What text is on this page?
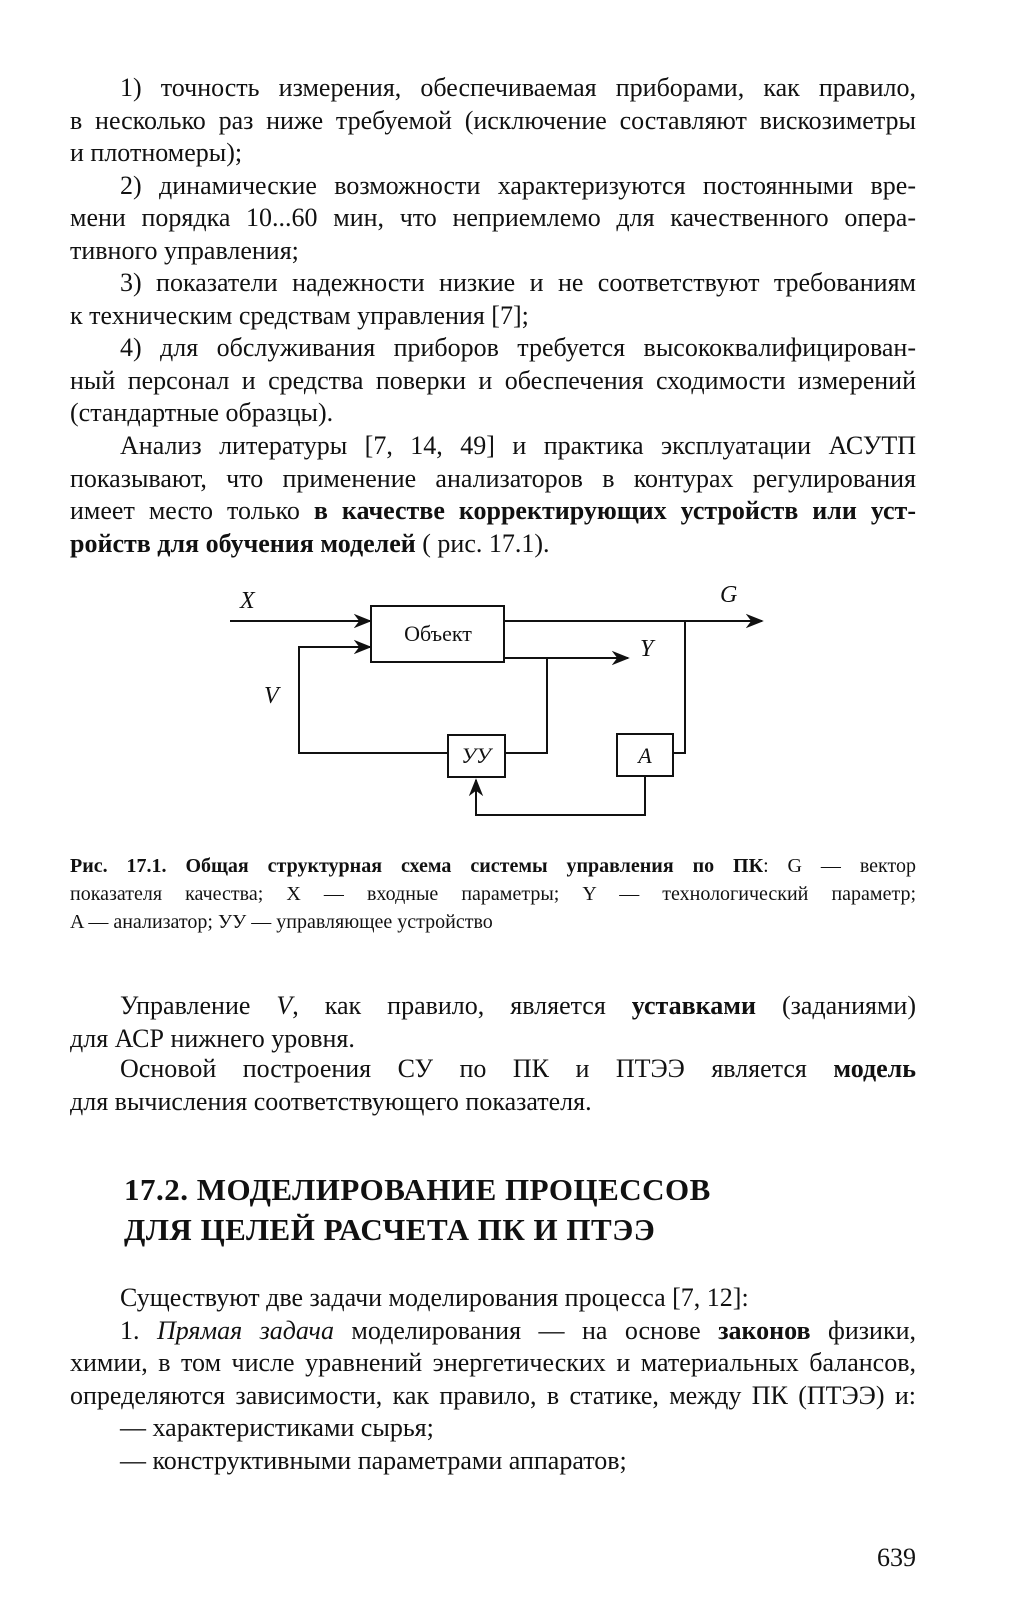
1) точность измерения, обеспечиваемая приборами, как правило,
в несколько раз ниже требуемой (исключение составляют вискозиметры
и плотномеры);
2) динамические возможности характеризуются постоянными вре-
мени порядка 10...60 мин, что неприемлемо для качественного опера-
тивного управления;
3) показатели надежности низкие и не соответствуют требованиям
к техническим средствам управления [7];
4) для обслуживания приборов требуется высококвалифицирован-
ный персонал и средства поверки и обеспечения сходимости измерений
(стандартные образцы).
Анализ литературы [7, 14, 49] и практика эксплуатации АСУТП
показывают, что применение анализаторов в контурах регулирования
имеет место только в качестве корректирующих устройств или уст-
ройств для обучения моделей ( рис. 17.1).
X	G
Объект
Y
V
УУ	A
Рис. 17.1. Общая структурная схема системы управления по ПК: G — вектор
показателя качества; X — входные параметры; Y — технологический параметр;
A — анализатор; УУ — управляющее устройство
Управление V, как правило, является уставками (заданиями)
для АСР нижнего уровня.
Основой построения СУ по ПК и ПТЭЭ является модель
для вычисления соответствующего показателя.
17.2. МОДЕЛИРОВАНИЕ ПРОЦЕССОВ
ДЛЯ ЦЕЛЕЙ РАСЧЕТА ПК И ПТЭЭ
Существуют две задачи моделирования процесса [7, 12]:
1. Прямая задача моделирования — на основе законов физики,
химии, в том числе уравнений энергетических и материальных балансов,
определяются зависимости, как правило, в статике, между ПК (ПТЭЭ) и:
— характеристиками сырья;
— конструктивными параметрами аппаратов;
639
